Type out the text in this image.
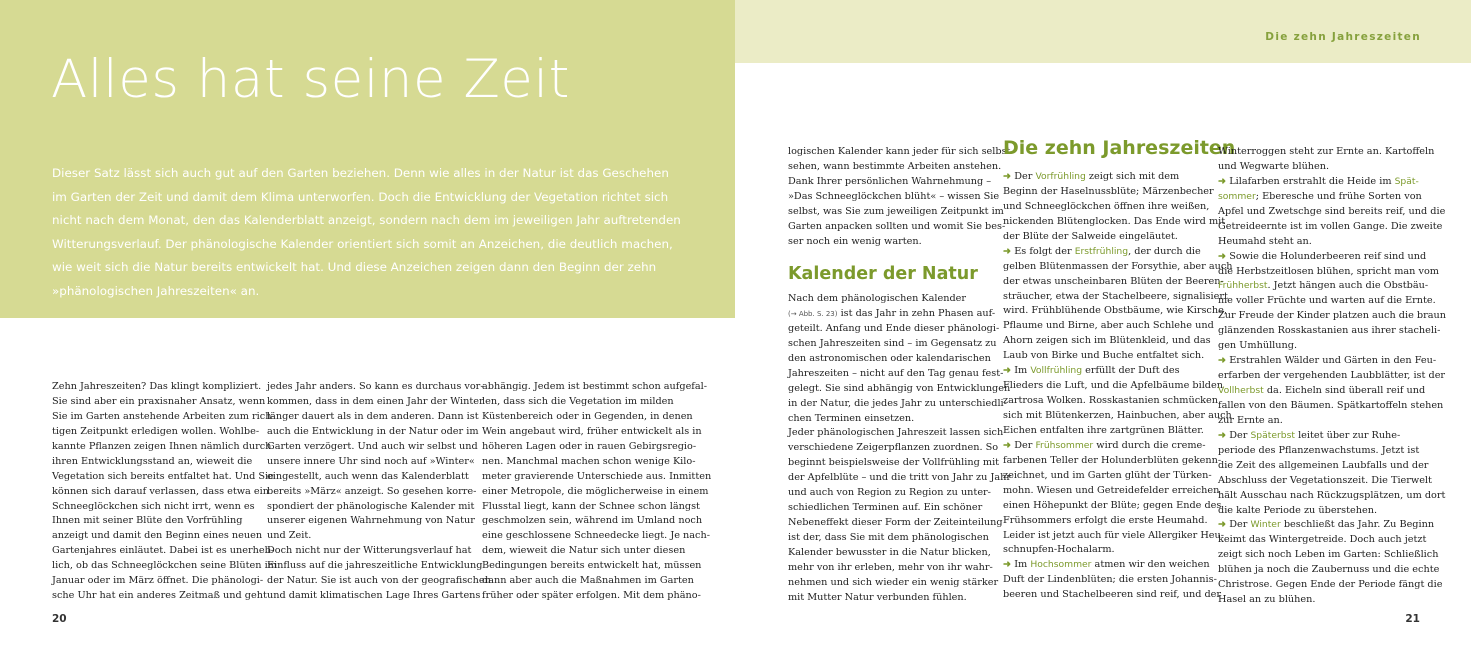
Die zehn Jahreszeiten
Alles hat seine Zeit
Dieser Satz lässt sich auch gut auf den Garten beziehen. Denn wie alles in der Natur ist das Geschehen
im Garten der Zeit und damit dem Klima unterworfen. Doch die Entwicklung der Vegetation richtet sich
nicht nach dem Monat, den das Kalenderblatt anzeigt, sondern nach dem im jeweiligen Jahr auftretenden
Witterungsverlauf. Der phänologische Kalender orientiert sich somit an Anzeichen, die deutlich machen,
wie weit sich die Natur bereits entwickelt hat. Und diese Anzeichen zeigen dann den Beginn der zehn
»phänologischen Jahreszeiten« an.
Zehn Jahreszeiten? Das klingt kompliziert.
Sie sind aber ein praxisnaher Ansatz, wenn
Sie im Garten anstehende Arbeiten zum rich-
tigen Zeitpunkt erledigen wollen. Wohlbe-
kannte Pflanzen zeigen Ihnen nämlich durch
ihren Entwicklungsstand an, wieweit die
Vegetation sich bereits entfaltet hat. Und Sie
können sich darauf verlassen, dass etwa ein
Schneeglöckchen sich nicht irrt, wenn es
Ihnen mit seiner Blüte den Vorfrühling
anzeigt und damit den Beginn eines neuen
Gartenjahres einläutet. Dabei ist es unerheb-
lich, ob das Schneeglöckchen seine Blüten im
Januar oder im März öffnet. Die phänologi-
sche Uhr hat ein anderes Zeitmaß und geht
jedes Jahr anders. So kann es durchaus vor-
kommen, dass in dem einen Jahr der Winter
länger dauert als in dem anderen. Dann ist
auch die Entwicklung in der Natur oder im
Garten verzögert. Und auch wir selbst und
unsere innere Uhr sind noch auf »Winter«
eingestellt, auch wenn das Kalenderblatt
bereits »März« anzeigt. So gesehen korre-
spondiert der phänologische Kalender mit
unserer eigenen Wahrnehmung von Natur
und Zeit.
Doch nicht nur der Witterungsverlauf hat
Einfluss auf die jahreszeitliche Entwicklung
der Natur. Sie ist auch von der geografischen
und damit klimatischen Lage Ihres Gartens
abhängig. Jedem ist bestimmt schon aufgefal-
len, dass sich die Vegetation im milden
Küstenbereich oder in Gegenden, in denen
Wein angebaut wird, früher entwickelt als in
höheren Lagen oder in rauen Gebirgsregio-
nen. Manchmal machen schon wenige Kilo-
meter gravierende Unterschiede aus. Inmitten
einer Metropole, die möglicherweise in einem
Flusstal liegt, kann der Schnee schon längst
geschmolzen sein, während im Umland noch
eine geschlossene Schneedecke liegt. Je nach-
dem, wieweit die Natur sich unter diesen
Bedingungen bereits entwickelt hat, müssen
dann aber auch die Maßnahmen im Garten
früher oder später erfolgen. Mit dem phäno-
logischen Kalender kann jeder für sich selbst
sehen, wann bestimmte Arbeiten anstehen.
Dank Ihrer persönlichen Wahrnehmung –
»Das Schneeglöckchen blüht« – wissen Sie
selbst, was Sie zum jeweiligen Zeitpunkt im
Garten anpacken sollten und womit Sie bes-
ser noch ein wenig warten.
Kalender der Natur
Nach dem phänologischen Kalender
(→ Abb. S. 23) ist das Jahr in zehn Phasen auf-
geteilt. Anfang und Ende dieser phänologi-
schen Jahreszeiten sind – im Gegensatz zu
den astronomischen oder kalendarischen
Jahreszeiten – nicht auf den Tag genau fest-
gelegt. Sie sind abhängig von Entwicklungen
in der Natur, die jedes Jahr zu unterschiedli-
chen Terminen einsetzen.
Jeder phänologischen Jahreszeit lassen sich
verschiedene Zeigerpflanzen zuordnen. So
beginnt beispielsweise der Vollfrühling mit
der Apfelblüte – und die tritt von Jahr zu Jahr
und auch von Region zu Region zu unter-
schiedlichen Terminen auf. Ein schöner
Nebeneffekt dieser Form der Zeiteinteilung
ist der, dass Sie mit dem phänologischen
Kalender bewusster in die Natur blicken,
mehr von ihr erleben, mehr von ihr wahr-
nehmen und sich wieder ein wenig stärker
mit Mutter Natur verbunden fühlen.
Die zehn Jahreszeiten
➜ Der Vorfrühling zeigt sich mit dem
Beginn der Haselnussblüte; Märzenbecher
und Schneeglöckchen öffnen ihre weißen,
nickenden Blütenglocken. Das Ende wird mit
der Blüte der Salweide eingeläutet.
➜ Es folgt der Erstfrühling, der durch die
gelben Blütenmassen der Forsythie, aber auch
der etwas unscheinbaren Blüten der Beeren-
sträucher, etwa der Stachelbeere, signalisiert
wird. Frühblühende Obstbäume, wie Kirsche,
Pflaume und Birne, aber auch Schlehe und
Ahorn zeigen sich im Blütenkleid, und das
Laub von Birke und Buche entfaltet sich.
➜ Im Vollfrühling erfüllt der Duft des
Flieders die Luft, und die Apfelbäume bilden
zartrosa Wolken. Rosskastanien schmücken
sich mit Blütenkerzen, Hainbuchen, aber auch
Eichen entfalten ihre zartgrünen Blätter.
➜ Der Frühsommer wird durch die creme-
farbenen Teller der Holunderblüten gekenn-
zeichnet, und im Garten glüht der Türken-
mohn. Wiesen und Getreidefelder erreichen
einen Höhepunkt der Blüte; gegen Ende des
Frühsommers erfolgt die erste Heumahd.
Leider ist jetzt auch für viele Allergiker Heu-
schnupfen-Hochalarm.
➜ Im Hochsommer atmen wir den weichen
Duft der Lindenblüten; die ersten Johannis-
beeren und Stachelbeeren sind reif, und der
Winterroggen steht zur Ernte an. Kartoffeln
und Wegwarte blühen.
➜ Lilafarben erstrahlt die Heide im Spät-
sommer; Eberesche und frühe Sorten von
Apfel und Zwetschge sind bereits reif, und die
Getreideernte ist im vollen Gange. Die zweite
Heumahd steht an.
➜ Sowie die Holunderbeeren reif sind und
die Herbstzeitlosen blühen, spricht man vom
Frühherbst. Jetzt hängen auch die Obstbäu-
me voller Früchte und warten auf die Ernte.
Zur Freude der Kinder platzen auch die braun
glänzenden Rosskastanien aus ihrer stacheli-
gen Umhüllung.
➜ Erstrahlen Wälder und Gärten in den Feu-
erfarben der vergehenden Laubblätter, ist der
Vollherbst da. Eicheln sind überall reif und
fallen von den Bäumen. Spätkartoffeln stehen
zur Ernte an.
➜ Der Späterbst leitet über zur Ruhe-
periode des Pflanzenwachstums. Jetzt ist
die Zeit des allgemeinen Laubfalls und der
Abschluss der Vegetationszeit. Die Tierwelt
hält Ausschau nach Rückzugsplätzen, um dort
die kalte Periode zu überstehen.
➜ Der Winter beschließt das Jahr. Zu Beginn
keimt das Wintergetreide. Doch auch jetzt
zeigt sich noch Leben im Garten: Schließlich
blühen ja noch die Zaubernuss und die echte
Christrose. Gegen Ende der Periode fängt die
Hasel an zu blühen.
20	21
